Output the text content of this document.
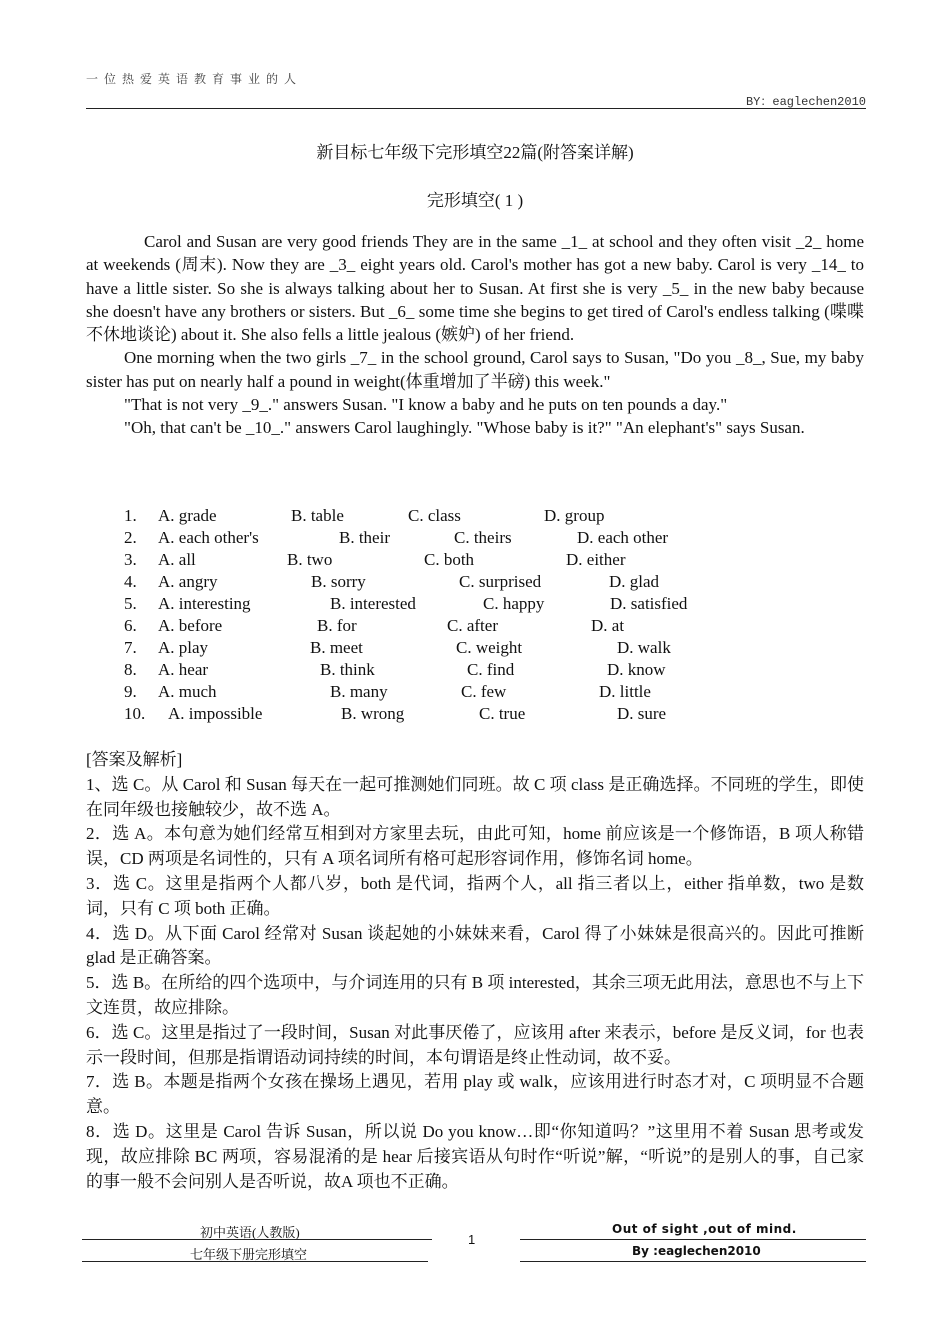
一位热爱英语教育事业的人
BY：eaglechen2010
新目标七年级下完形填空22篇(附答案详解)
完形填空( 1 )

Carol and Susan are very good friends They are in the same _1_ at school and they often visit _2_ home at weekends (周末). Now they are _3_ eight years old. Carol's mother has got a new baby. Carol is very _14_ to have a little sister. So she is always talking about her to Susan. At first she is very _5_ in the new baby because she doesn't have any brothers or sisters. But _6_ some time she begins to get tired of Carol's endless talking (喋喋不休地谈论) about it. She also fells a little jealous (嫉妒) of her friend.

One morning when the two girls _7_ in the school ground, Carol says to Susan, "Do you _8_, Sue, my baby sister has put on nearly half a pound in weight(体重增加了半磅) this week."

"That is not very _9_." answers Susan. "I know a baby and he puts on ten pounds a day."

"Oh, that can't be _10_." answers Carol laughingly. "Whose baby is it?" "An elephant's" says Susan.

1. A. grade	B. table	C. class	D. group
2. A. each other's	B. their	C. theirs	D. each other
3. A. all	B. two	C. both	D. either
4. A. angry	B. sorry	C. surprised	D. glad
5. A. interesting	B. interested	C. happy	D. satisfied
6. A. before	B. for	C. after	D. at
7. A. play	B. meet	C. weight	D. walk
8. A. hear	B. think	C. find	D. know
9. A. much	B. many	C. few	D. little
10. A. impossible	B. wrong	C. true	D. sure

[答案及解析]

1、选 C。从 Carol 和 Susan 每天在一起可推测她们同班。故 C 项 class 是正确选择。不同班的学生，即使在同年级也接触较少，故不选 A。

2．选 A。本句意为她们经常互相到对方家里去玩，由此可知，home 前应该是一个修饰语，B 项人称错误，CD 两项是名词性的，只有 A 项名词所有格可起形容词作用，修饰名词 home。

3．选 C。这里是指两个人都八岁，both 是代词，指两个人，all 指三者以上，either 指单数，two 是数词，只有 C 项 both 正确。

4．选 D。从下面 Carol 经常对 Susan 谈起她的小妹妹来看，Carol 得了小妹妹是很高兴的。因此可推断 glad 是正确答案。

5．选 B。在所给的四个选项中，与介词连用的只有 B 项 interested，其余三项无此用法，意思也不与上下文连贯，故应排除。

6．选 C。这里是指过了一段时间，Susan 对此事厌倦了，应该用 after 来表示，before 是反义词，for 也表示一段时间，但那是指谓语动词持续的时间，本句谓语是终止性动词，故不妥。

7．选 B。本题是指两个女孩在操场上遇见，若用 play 或 walk，应该用进行时态才对，C 项明显不合题意。

8．选 D。这里是 Carol 告诉 Susan，所以说 Do you know…即“你知道吗？”这里用不着 Susan 思考或发现，故应排除 BC 两项，容易混淆的是 hear 后接宾语从句时作“听说”解，“听说”的是别人的事，自己家的事一般不会问别人是否听说，故A 项也不正确。

初中英语(人教版)
七年级下册完形填空
1
Out of sight ,out of mind.
By :eaglechen2010
